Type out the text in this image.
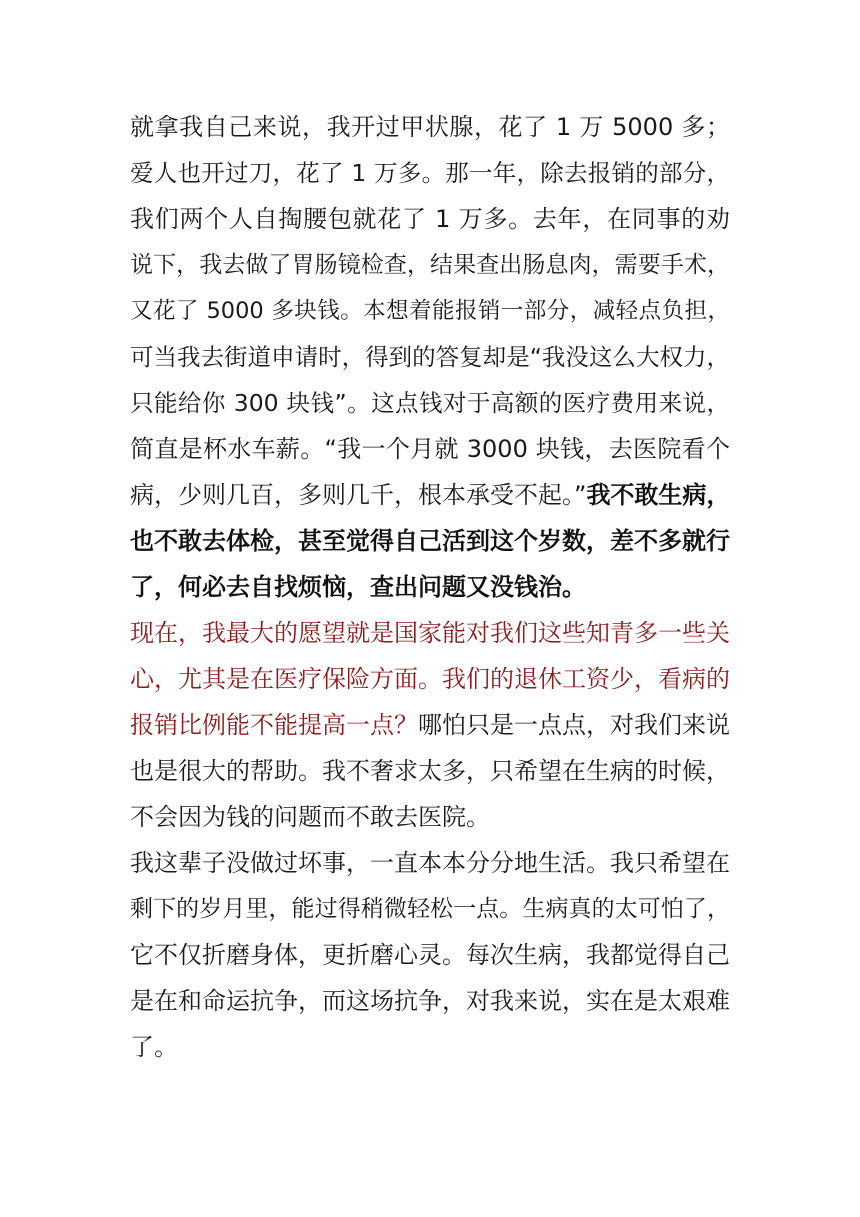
就拿我自己来说，我开过甲状腺，花了 1 万 5000 多；
爱人也开过刀，花了 1 万多。那一年，除去报销的部分，
我们两个人自掏腰包就花了 1 万多。去年，在同事的劝
说下，我去做了胃肠镜检查，结果查出肠息肉，需要手术，
又花了 5000 多块钱。本想着能报销一部分，减轻点负担，
可当我去街道申请时，得到的答复却是“我没这么大权力，
只能给你 300 块钱”。这点钱对于高额的医疗费用来说，
简直是杯水车薪。“我一个月就 3000 块钱，去医院看个
病，少则几百，多则几千，根本承受不起。”我不敢生病，
也不敢去体检，甚至觉得自己活到这个岁数，差不多就行
了，何必去自找烦恼，查出问题又没钱治。
现在，我最大的愿望就是国家能对我们这些知青多一些关
心，尤其是在医疗保险方面。我们的退休工资少，看病的
报销比例能不能提高一点？哪怕只是一点点，对我们来说
也是很大的帮助。我不奢求太多，只希望在生病的时候，
不会因为钱的问题而不敢去医院。
我这辈子没做过坏事，一直本本分分地生活。我只希望在
剩下的岁月里，能过得稍微轻松一点。生病真的太可怕了，
它不仅折磨身体，更折磨心灵。每次生病，我都觉得自己
是在和命运抗争，而这场抗争，对我来说，实在是太艰难
了。
